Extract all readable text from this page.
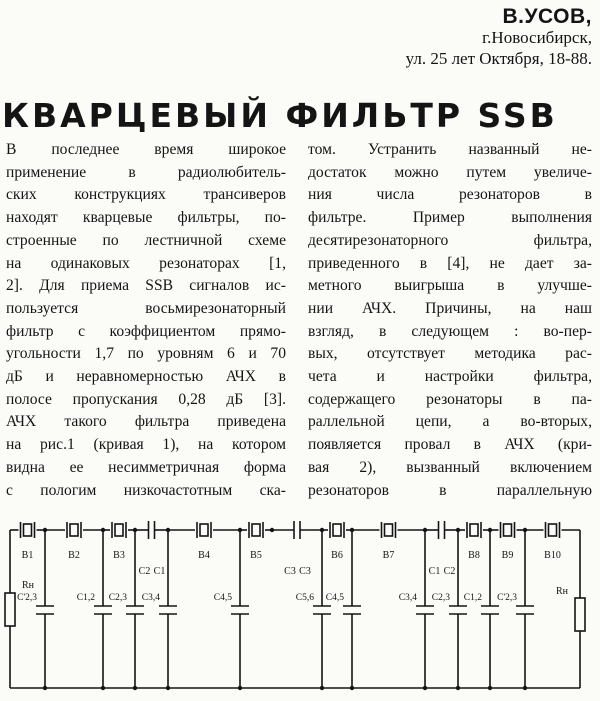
В.УСОВ,
г.Новосибирск,
ул. 25 лет Октября, 18-88.
КВАРЦЕВЫЙ ФИЛЬТР SSB
В последнее время широкое
применение в радиолюбитель-
ских конструкциях трансиверов
находят кварцевые фильтры, по-
строенные по лестничной схеме
на одинаковых резонаторах [1,
2]. Для приема SSB сигналов ис-
пользуется восьмирезонаторный
фильтр с коэффициентом прямо-
угольности 1,7 по уровням 6 и 70
дБ и неравномерностью АЧХ в
полосе пропускания 0,28 дБ [3].
АЧХ такого фильтра приведена
на рис.1 (кривая 1), на котором
видна ее несимметричная форма
с пологим низкочастотным ска-
том. Устранить названный не-
достаток можно путем увеличе-
ния числа резонаторов в
фильтре. Пример выполнения
десятирезонаторного фильтра,
приведенного в [4], не дает за-
метного выигрыша в улучше-
нии АЧХ. Причины, на наш
взгляд, в следующем : во-пер-
вых, отсутствует методика рас-
чета и настройки фильтра,
содержащего резонаторы в па-
раллельной цепи, а во-вторых,
появляется провал в АЧХ (кри-
вая 2), вызванный включением
резонаторов в параллельную
Rн
Rн
B1	B2	B3
C2 C1
B4	B5
C3 C3
B6	B7
C1 C2
B8 B9	B10
C'2,3	C1,2 C2,3 C3,4	C4,5	C5,6 C4,5	C3,4 C2,3 C1,2 C'2,3
